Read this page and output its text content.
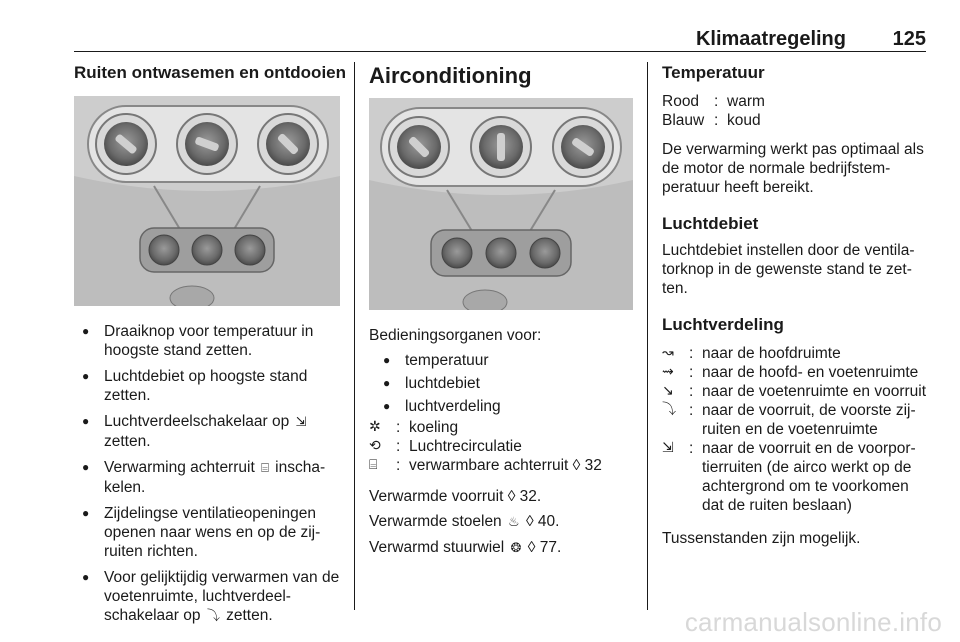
Klimaatregeling 125
Ruiten ontwasemen en ontdooien
● Draaiknop voor temperatuur in hoogste stand zetten.
● Luchtdebiet op hoogste stand zetten.
● Luchtverdeelschakelaar op ⇲ zetten.
● Verwarming achterruit ⌸ inschakelen.
● Zijdelingse ventilatieopeningen openen naar wens en op de zijruiten richten.
● Voor gelijktijdig verwarmen van de voetenruimte, luchtverdeelschakelaar op ⤵ zetten.
Airconditioning
Bedieningsorganen voor:
● temperatuur
● luchtdebiet
● luchtverdeling
✲	:	koeling
⟲	:	Luchtrecirculatie
⌸	:	verwarmbare achterruit ◊ 32
Verwarmde voorruit ◊ 32.
Verwarmde stoelen ♨ ◊ 40.
Verwarmd stuurwiel ❂ ◊ 77.
Temperatuur
Rood	:	warm
Blauw	:	koud
De verwarming werkt pas optimaal als de motor de normale bedrijfstemperatuur heeft bereikt.
Luchtdebiet
Luchtdebiet instellen door de ventilatorknop in de gewenste stand te zetten.
Luchtverdeling
↝	:	naar de hoofdruimte
⇝	:	naar de hoofd- en voetenruimte
↘	:	naar de voetenruimte en voorruit
⤵	:	naar de voorruit, de voorste zijruiten en de voetenruimte
⇲	:	naar de voorruit en de voorportierruiten (de airco werkt op de achtergrond om te voorkomen dat de ruiten beslaan)
Tussenstanden zijn mogelijk.
carmanualsonline.info
